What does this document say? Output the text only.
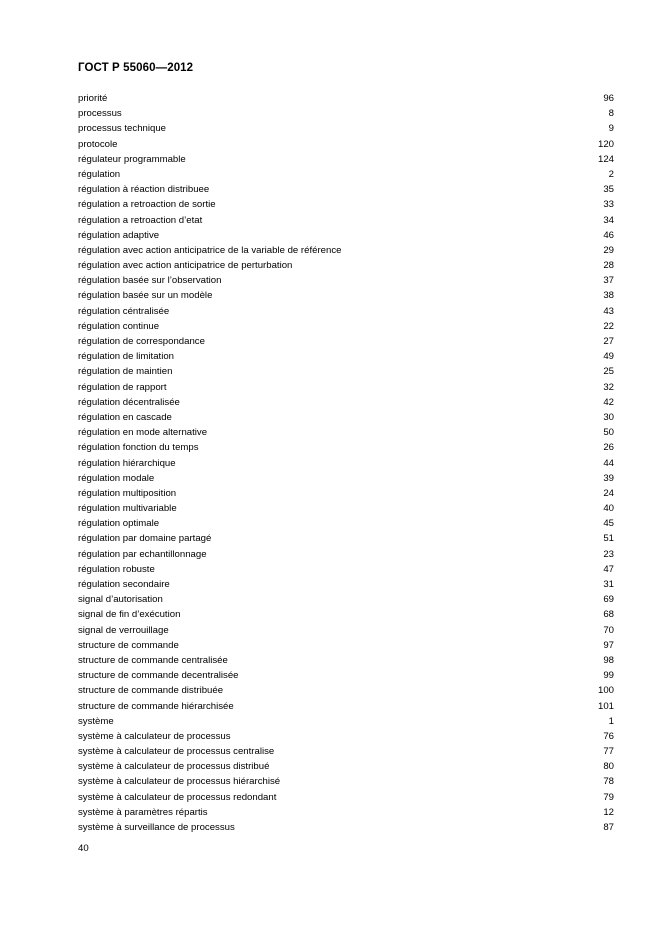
ГОСТ Р 55060—2012
priorité	96
processus	8
processus technique	9
protocole	120
régulateur programmable	124
régulation	2
régulation à réaction distribuee	35
régulation a retroaction de sortie	33
régulation a retroaction d’etat	34
régulation adaptive	46
régulation avec action anticipatrice de la variable de référence	29
régulation avec action anticipatrice de perturbation	28
régulation basée sur l’observation	37
régulation basée sur un modèle	38
régulation céntralisée	43
régulation continue	22
régulation de correspondance	27
régulation de limitation	49
régulation de maintien	25
régulation de rapport	32
régulation décentralisée	42
régulation en cascade	30
régulation en mode alternative	50
régulation fonction du temps	26
régulation hiérarchique	44
régulation modale	39
régulation multiposition	24
régulation multivariable	40
régulation optimale	45
régulation par domaine partagé	51
régulation par echantillonnage	23
régulation robuste	47
régulation secondaire	31
signal d’autorisation	69
signal de fin d’exécution	68
signal de verrouillage	70
structure de commande	97
structure de commande centralisée	98
structure de commande decentralisée	99
structure de commande distribuée	100
structure de commande hiérarchisée	101
système	1
système à calculateur de processus	76
système à calculateur de processus centralise	77
système à calculateur de processus distribué	80
système à calculateur de processus hiérarchisé	78
système à calculateur de processus redondant	79
système à paramètres répartis	12
système à surveillance de processus	87
40
